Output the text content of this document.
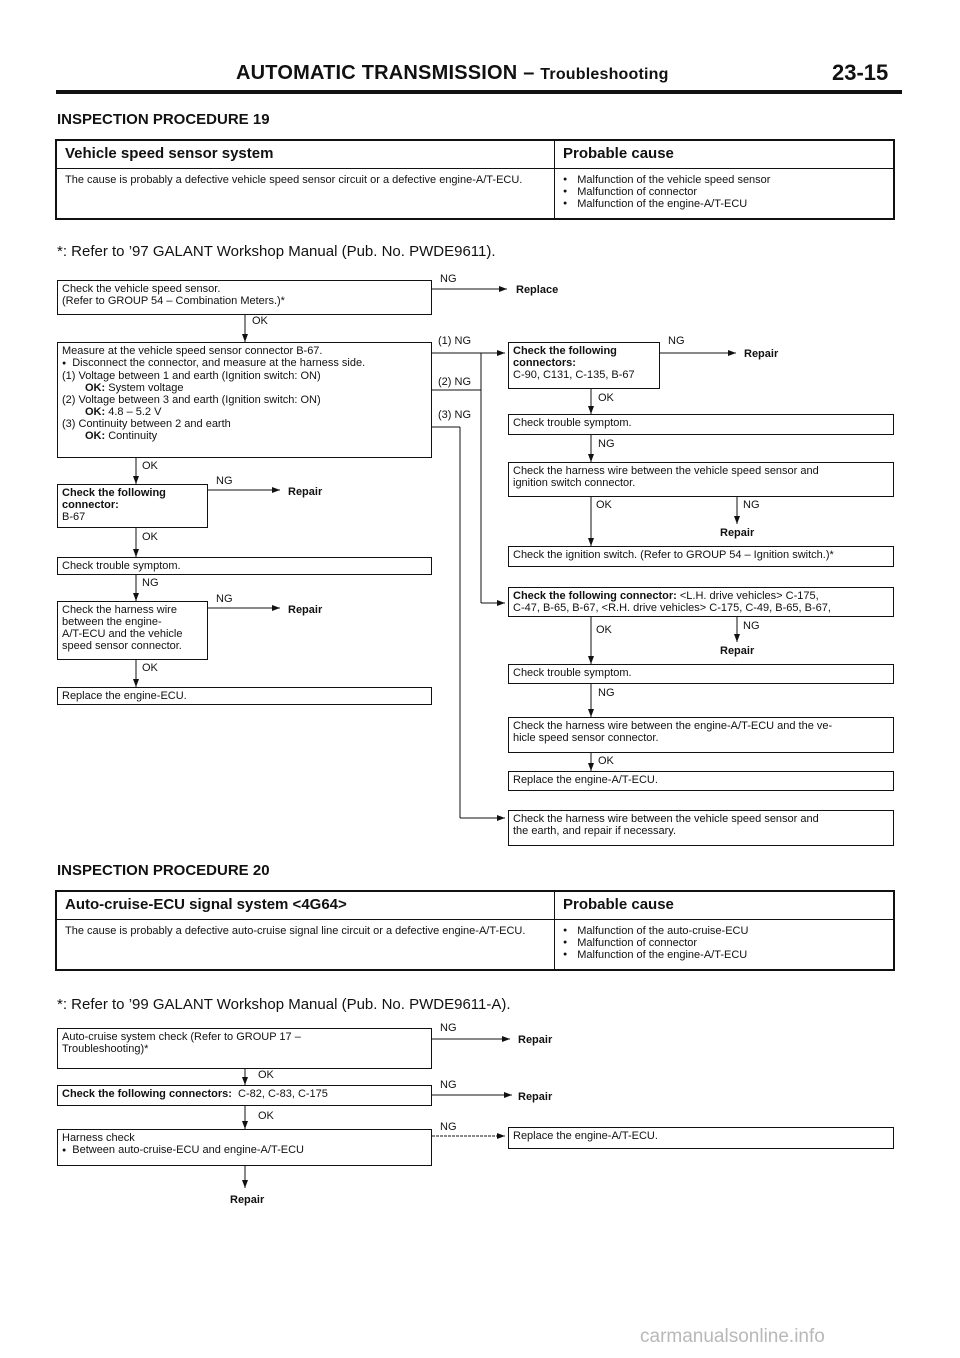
AUTOMATIC TRANSMISSION – Troubleshooting	23-15
INSPECTION PROCEDURE 19
Vehicle speed sensor system	Probable cause
The cause is probably a defective vehicle speed sensor circuit or a defective engine-A/T-ECU.	● Malfunction of the vehicle speed sensor
● Malfunction of connector
● Malfunction of the engine-A/T-ECU
*: Refer to ’97 GALANT Workshop Manual (Pub. No. PWDE9611).
Check the vehicle speed sensor.
(Refer to GROUP 54 – Combination Meters.)*
NG
Replace
OK
Measure at the vehicle speed sensor connector B-67.
● Disconnect the connector, and measure at the harness side.
(1) Voltage between 1 and earth (Ignition switch: ON)

OK: System voltage
(2) Voltage between 3 and earth (Ignition switch: ON)

OK: 4.8 – 5.2 V
(3) Continuity between 2 and earth

OK: Continuity
(1) NG
(2) NG
(3) NG
OK
Check the following
connector:
B-67
NG
Repair
OK
Check trouble symptom.
NG
Check the harness wire
between the engine-
A/T-ECU and the vehicle
speed sensor connector.
NG
Repair
OK
Replace the engine-ECU.
Check the following
connectors:
C-90, C131, C-135, B-67
NG
Repair
OK
Check trouble symptom.
NG
Check the harness wire between the vehicle speed sensor and
ignition switch connector.
OK	NG
Repair
Check the ignition switch. (Refer to GROUP 54 – Ignition switch.)*
Check the following connector: <L.H. drive vehicles> C-175,
C-47, B-65, B-67, <R.H. drive vehicles> C-175, C-49, B-65, B-67,
OK	NG
Repair
Check trouble symptom.
NG
Check the harness wire between the engine-A/T-ECU and the ve-
hicle speed sensor connector.
OK
Replace the engine-A/T-ECU.
Check the harness wire between the vehicle speed sensor and
the earth, and repair if necessary.
INSPECTION PROCEDURE 20
Auto-cruise-ECU signal system <4G64>	Probable cause
The cause is probably a defective auto-cruise signal line circuit or a defective engine-A/T-ECU.	● Malfunction of the auto-cruise-ECU
● Malfunction of connector
● Malfunction of the engine-A/T-ECU
*: Refer to ’99 GALANT Workshop Manual (Pub. No. PWDE9611-A).
Auto-cruise system check (Refer to GROUP 17 –
Troubleshooting)*
NG
Repair
OK
Check the following connectors: C-82, C-83, C-175
NG
Repair
OK
Harness check
● Between auto-cruise-ECU and engine-A/T-ECU
NG
Replace the engine-A/T-ECU.
Repair
carmanualsonline.info
